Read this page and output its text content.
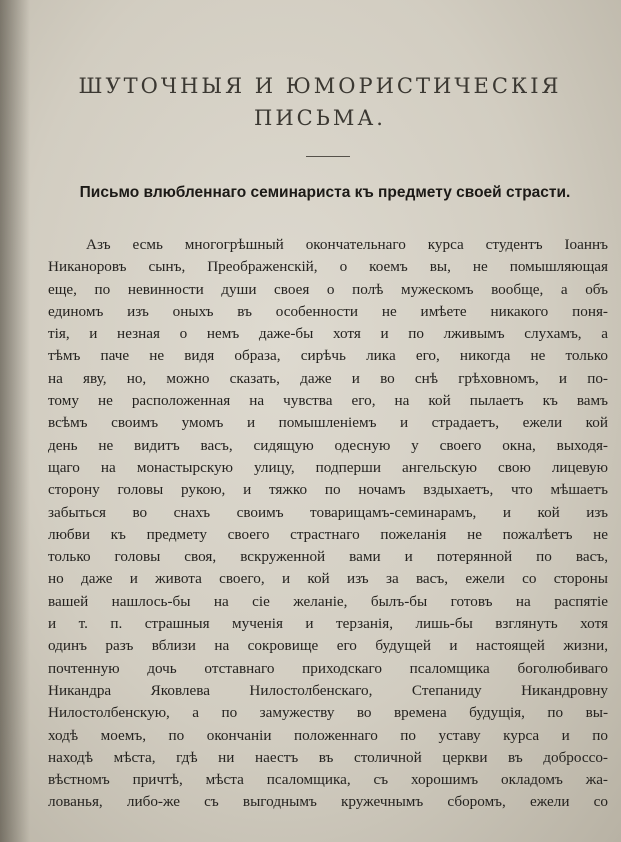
ШУТОЧНЫЯ И ЮМОРИСТИЧЕСКІЯ
ПИСЬМА.
Письмо влюбленнаго семинариста къ предмету своей страсти.
Азъ есмь многогрѣшный окончательнаго курса студентъ Іоаннъ
Никаноровъ сынъ, Преображенскій, о коемъ вы, не помышляющая
еще, по невинности души своея о полѣ мужескомъ вообще, а объ
единомъ изъ оныхъ въ особенности не имѣете никакого поня-
тія, и незная о немъ даже-бы хотя и по лживымъ слухамъ, а
тѣмъ паче не видя образа, сирѣчь лика его, никогда не только
на яву, но, можно сказать, даже и во снѣ грѣховномъ, и по-
тому не расположенная на чувства его, на кой пылаетъ къ вамъ
всѣмъ своимъ умомъ и помышленіемъ и страдаетъ, ежели кой
день не видитъ васъ, сидящую одесную у своего окна, выходя-
щаго на монастырскую улицу, подперши ангельскую свою лицевую
сторону головы рукою, и тяжко по ночамъ вздыхаетъ, что мѣшаетъ
забыться во снахъ своимъ товарищамъ-семинарамъ, и кой изъ
любви къ предмету своего страстнаго пожеланія не пожалѣетъ не
только головы своя, вскруженной вами и потерянной по васъ,
но даже и живота своего, и кой изъ за васъ, ежели со стороны
вашей нашлось-бы на сіе желаніе, былъ-бы готовъ на распятіе
и т. п. страшныя мученія и терзанія, лишь-бы взглянуть хотя
одинъ разъ вблизи на сокровище его будущей и настоящей жизни,
почтенную дочь отставнаго приходскаго псаломщика боголюбиваго
Никандра Яковлева Нилостолбенскаго, Степаниду Никандровну
Нилостолбенскую, а по замужеству во времена будущія, по вы-
ходѣ моемъ, по окончаніи положеннаго по уставу курса и по
находѣ мѣста, гдѣ ни наестъ въ столичной церкви въ доброссо-
вѣстномъ причтѣ, мѣста псаломщика, съ хорошимъ окладомъ жа-
лованья, либо-же съ выгоднымъ кружечнымъ сборомъ, ежели со
